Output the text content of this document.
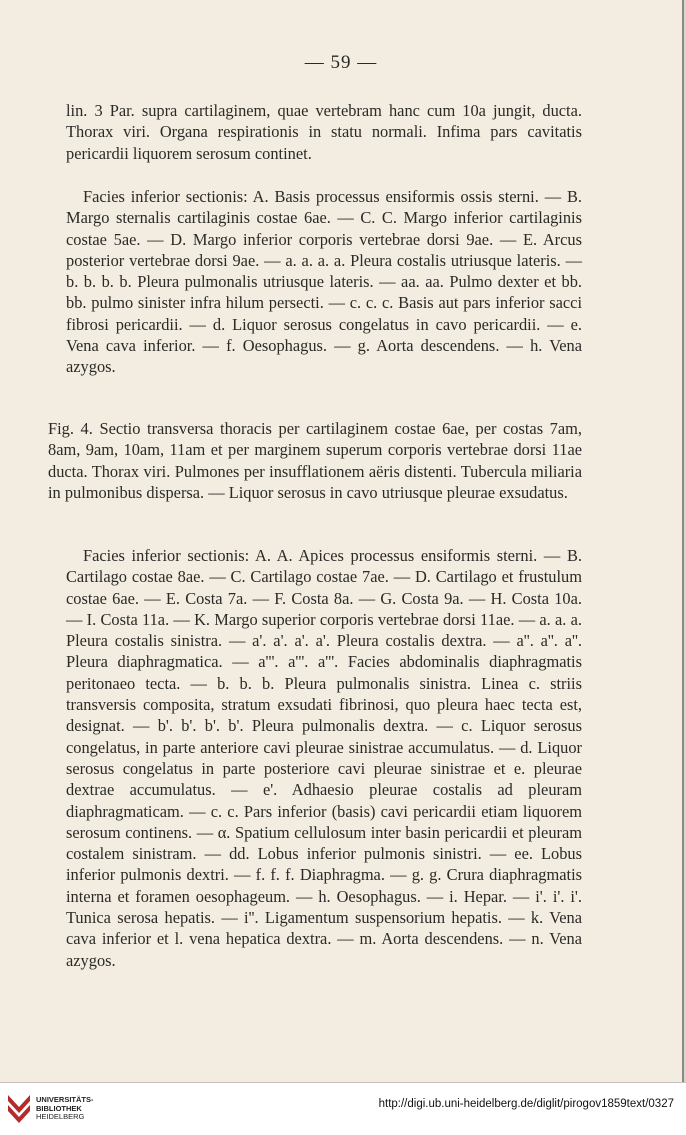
— 59 —

lin. 3 Par. supra cartilaginem, quae vertebram hanc cum 10a jungit, ducta. Thorax viri. Organa respirationis in statu normali. Infima pars cavitatis pericardii liquorem serosum continet.

Facies inferior sectionis: A. Basis processus ensiformis ossis sterni. — B. Margo sternalis cartilaginis costae 6ae. — C. C. Margo inferior cartilaginis costae 5ae. — D. Margo inferior corporis vertebrae dorsi 9ae. — E. Arcus posterior vertebrae dorsi 9ae. — a. a. a. a. Pleura costalis utriusque lateris. — b. b. b. b. Pleura pulmonalis utriusque lateris. — aa. aa. Pulmo dexter et bb. bb. pulmo sinister infra hilum persecti. — c. c. c. Basis aut pars inferior sacci fibrosi pericardii. — d. Liquor serosus congelatus in cavo pericardii. — e. Vena cava inferior. — f. Oesophagus. — g. Aorta descendens. — h. Vena azygos.

Fig. 4. Sectio transversa thoracis per cartilaginem costae 6ae, per costas 7am, 8am, 9am, 10am, 11am et per marginem superum corporis vertebrae dorsi 11ae ducta. Thorax viri. Pulmones per insufflationem aëris distenti. Tubercula miliaria in pulmonibus dispersa. — Liquor serosus in cavo utriusque pleurae exsudatus.

Facies inferior sectionis: A. A. Apices processus ensiformis sterni. — B. Cartilago costae 8ae. — C. Cartilago costae 7ae. — D. Cartilago et frustulum costae 6ae. — E. Costa 7a. — F. Costa 8a. — G. Costa 9a. — H. Costa 10a. — I. Costa 11a. — K. Margo superior corporis vertebrae dorsi 11ae. — a. a. a. Pleura costalis sinistra. — a'. a'. a'. a'. Pleura costalis dextra. — a''. a''. a''. Pleura diaphragmatica. — a'''. a'''. a'''. Facies abdominalis diaphragmatis peritonaeo tecta. — b. b. b. Pleura pulmonalis sinistra. Linea c. striis transversis composita, stratum exsudati fibrinosi, quo pleura haec tecta est, designat. — b'. b'. b'. b'. Pleura pulmonalis dextra. — c. Liquor serosus congelatus, in parte anteriore cavi pleurae sinistrae accumulatus. — d. Liquor serosus congelatus in parte posteriore cavi pleurae sinistrae et e. pleurae dextrae accumulatus. — e'. Adhaesio pleurae costalis ad pleuram diaphragmaticam. — c. c. Pars inferior (basis) cavi pericardii etiam liquorem serosum continens. — α. Spatium cellulosum inter basin pericardii et pleuram costalem sinistram. — dd. Lobus inferior pulmonis sinistri. — ee. Lobus inferior pulmonis dextri. — f. f. f. Diaphragma. — g. g. Crura diaphragmatis interna et foramen oesophageum. — h. Oesophagus. — i. Hepar. — i'. i'. i'. Tunica serosa hepatis. — i''. Ligamentum suspensorium hepatis. — k. Vena cava inferior et l. vena hepatica dextra. — m. Aorta descendens. — n. Vena azygos.

UNIVERSITÄTS-
BIBLIOTHEK
HEIDELBERG
http://digi.ub.uni-heidelberg.de/diglit/pirogov1859text/0327
